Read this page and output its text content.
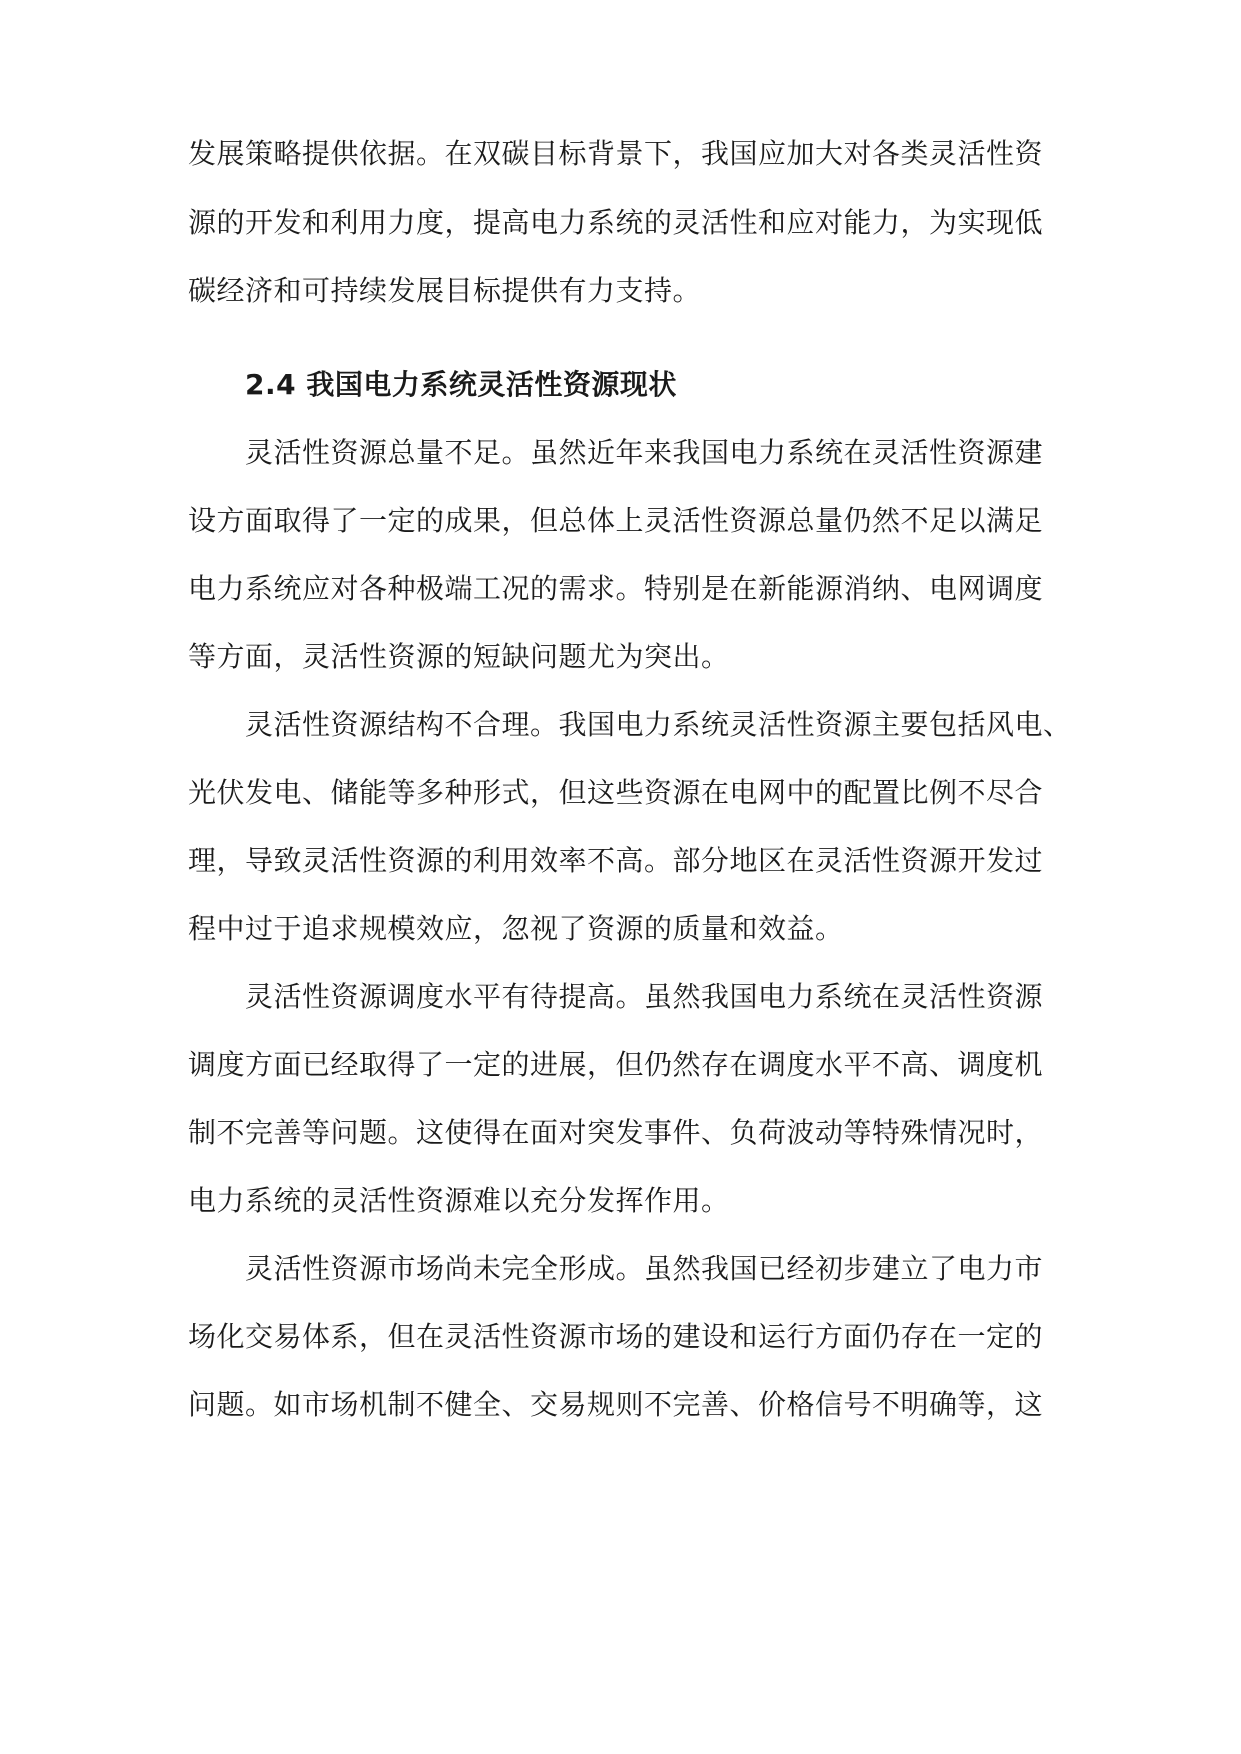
发展策略提供依据。在双碳目标背景下，我国应加大对各类灵活性资
源的开发和利用力度，提高电力系统的灵活性和应对能力，为实现低
碳经济和可持续发展目标提供有力支持。
2.4 我国电力系统灵活性资源现状
灵活性资源总量不足。虽然近年来我国电力系统在灵活性资源建
设方面取得了一定的成果，但总体上灵活性资源总量仍然不足以满足
电力系统应对各种极端工况的需求。特别是在新能源消纳、电网调度
等方面，灵活性资源的短缺问题尤为突出。
灵活性资源结构不合理。我国电力系统灵活性资源主要包括风电、
光伏发电、储能等多种形式，但这些资源在电网中的配置比例不尽合
理，导致灵活性资源的利用效率不高。部分地区在灵活性资源开发过
程中过于追求规模效应，忽视了资源的质量和效益。
灵活性资源调度水平有待提高。虽然我国电力系统在灵活性资源
调度方面已经取得了一定的进展，但仍然存在调度水平不高、调度机
制不完善等问题。这使得在面对突发事件、负荷波动等特殊情况时，
电力系统的灵活性资源难以充分发挥作用。
灵活性资源市场尚未完全形成。虽然我国已经初步建立了电力市
场化交易体系，但在灵活性资源市场的建设和运行方面仍存在一定的
问题。如市场机制不健全、交易规则不完善、价格信号不明确等，这
